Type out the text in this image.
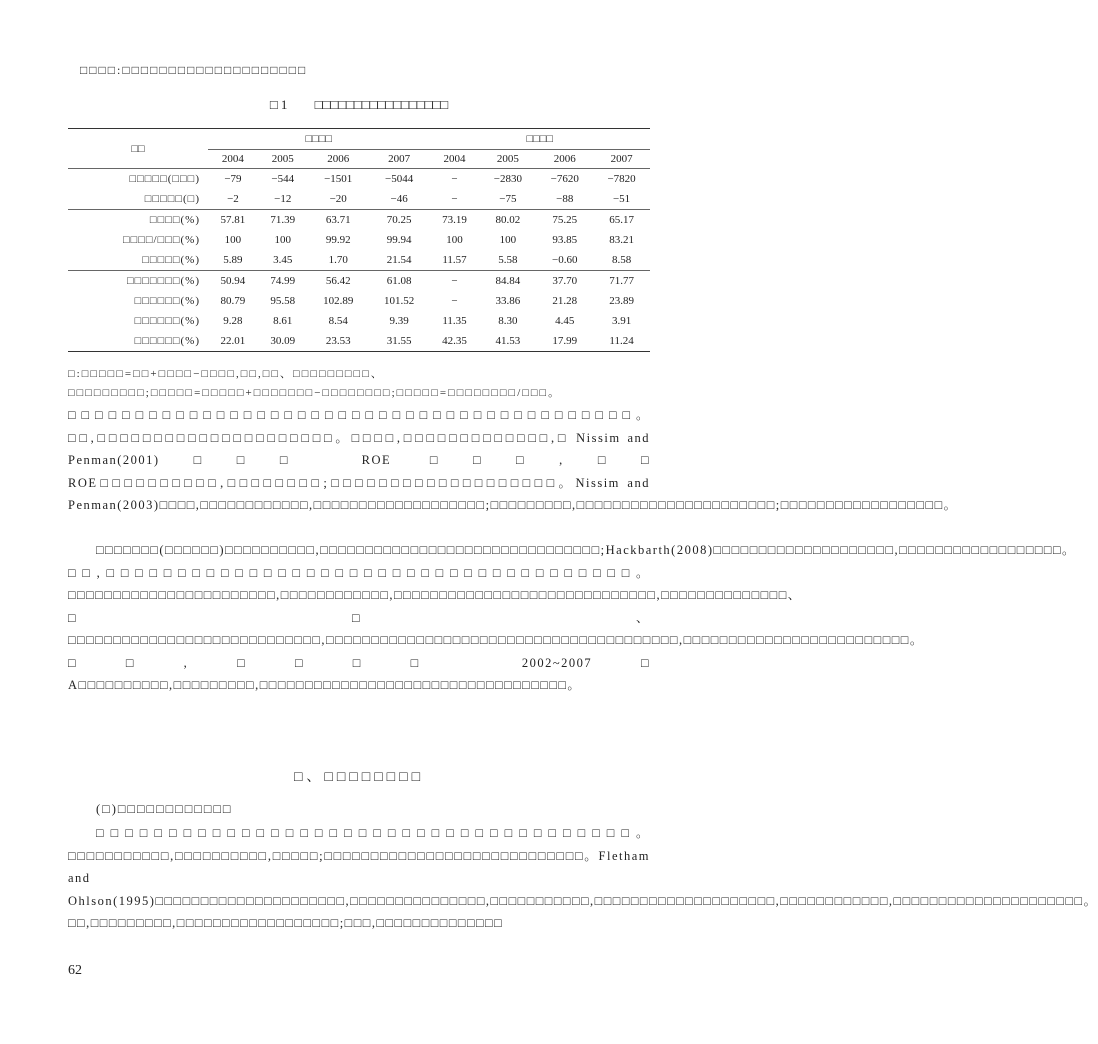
□□□□:□□□□□□□□□□□□□□□□□□□□
□ 1 □□□□□□□□□□□□□□□□□
□□	□□□□				□□□□			
	2004	2005	2006	2007	2004	2005	2006	2007
□□□□□(□□□)	−79	−544	−1501	−5044	−	−2830	−7620	−7820
□□□□□(□)	−2	−12	−20	−46	−	−75	−88	−51
□□□□(%)	57.81	71.39	63.71	70.25	73.19	80.02	75.25	65.17
□□□□/□□□(%)	100	100	99.92	99.94	100	100	93.85	83.21
□□□□□(%)	5.89	3.45	1.70	21.54	11.57	5.58	−0.60	8.58
□□□□□□□(%)	50.94	74.99	56.42	61.08	−	84.84	37.70	71.77
□□□□□□(%)	80.79	95.58	102.89	101.52	−	33.86	21.28	23.89
□□□□□□(%)	9.28	8.61	8.54	9.39	11.35	8.30	4.45	3.91
□□□□□□(%)	22.01	30.09	23.53	31.55	42.35	41.53	17.99	11.24
□:□□□□□=□□+□□□□−□□□□,□□,□□、□□□□□□□□□、□□□□□□□□□;□□□□□=□□□□□+□□□□□□□−□□□□□□□□;□□□□□=□□□□□□□□/□□□。
□□□□□□□□□□□□□□□□□□□□□□□□□□□□□□□□□□□□□□□□□□。□□,□□□□□□□□□□□□□□□□□□□□□。□□□□,□□□□□□□□□□□□□,□ Nissim and Penman(2001)□□□ ROE □□□,□□ ROE□□□□□□□□□□,□□□□□□□□;□□□□□□□□□□□□□□□□□□□。Nissim and Penman(2003)□□□□,□□□□□□□□□□□□,□□□□□□□□□□□□□□□□□□□;□□□□□□□□□,□□□□□□□□□□□□□□□□□□□□□□;□□□□□□□□□□□□□□□□□□。
□□□□□□□(□□□□□□)□□□□□□□□□□,□□□□□□□□□□□□□□□□□□□□□□□□□□□□□□□;Hackbarth(2008)□□□□□□□□□□□□□□□□□□□□,□□□□□□□□□□□□□□□□□□。□□,□□□□□□□□□□□□□□□□□□□□□□□□□□□□□□□□□□□□□。□□□□□□□□□□□□□□□□□□□□□□□,□□□□□□□□□□□□,□□□□□□□□□□□□□□□□□□□□□□□□□□□□□,□□□□□□□□□□□□□□、□□、□□□□□□□□□□□□□□□□□□□□□□□□□□□□,□□□□□□□□□□□□□□□□□□□□□□□□□□□□□□□□□□□□□□□,□□□□□□□□□□□□□□□□□□□□□□□□□。□□,□□□□ 2002~2007□ A□□□□□□□□□□,□□□□□□□□□,□□□□□□□□□□□□□□□□□□□□□□□□□□□□□□□□□□。
□、□□□□□□□□
(□)□□□□□□□□□□□□
□□□□□□□□□□□□□□□□□□□□□□□□□□□□□□□□□□□□□。□□□□□□□□□□□,□□□□□□□□□□,□□□□□;□□□□□□□□□□□□□□□□□□□□□□□□□□□□。Fletham and Ohlson(1995)□□□□□□□□□□□□□□□□□□□□□,□□□□□□□□□□□□□□□,□□□□□□□□□□□,□□□□□□□□□□□□□□□□□□□□,□□□□□□□□□□□□,□□□□□□□□□□□□□□□□□□□□□。□□,□□□□□□□□□,□□□□□□□□□□□□□□□□□□;□□□,□□□□□□□□□□□□□□
62
